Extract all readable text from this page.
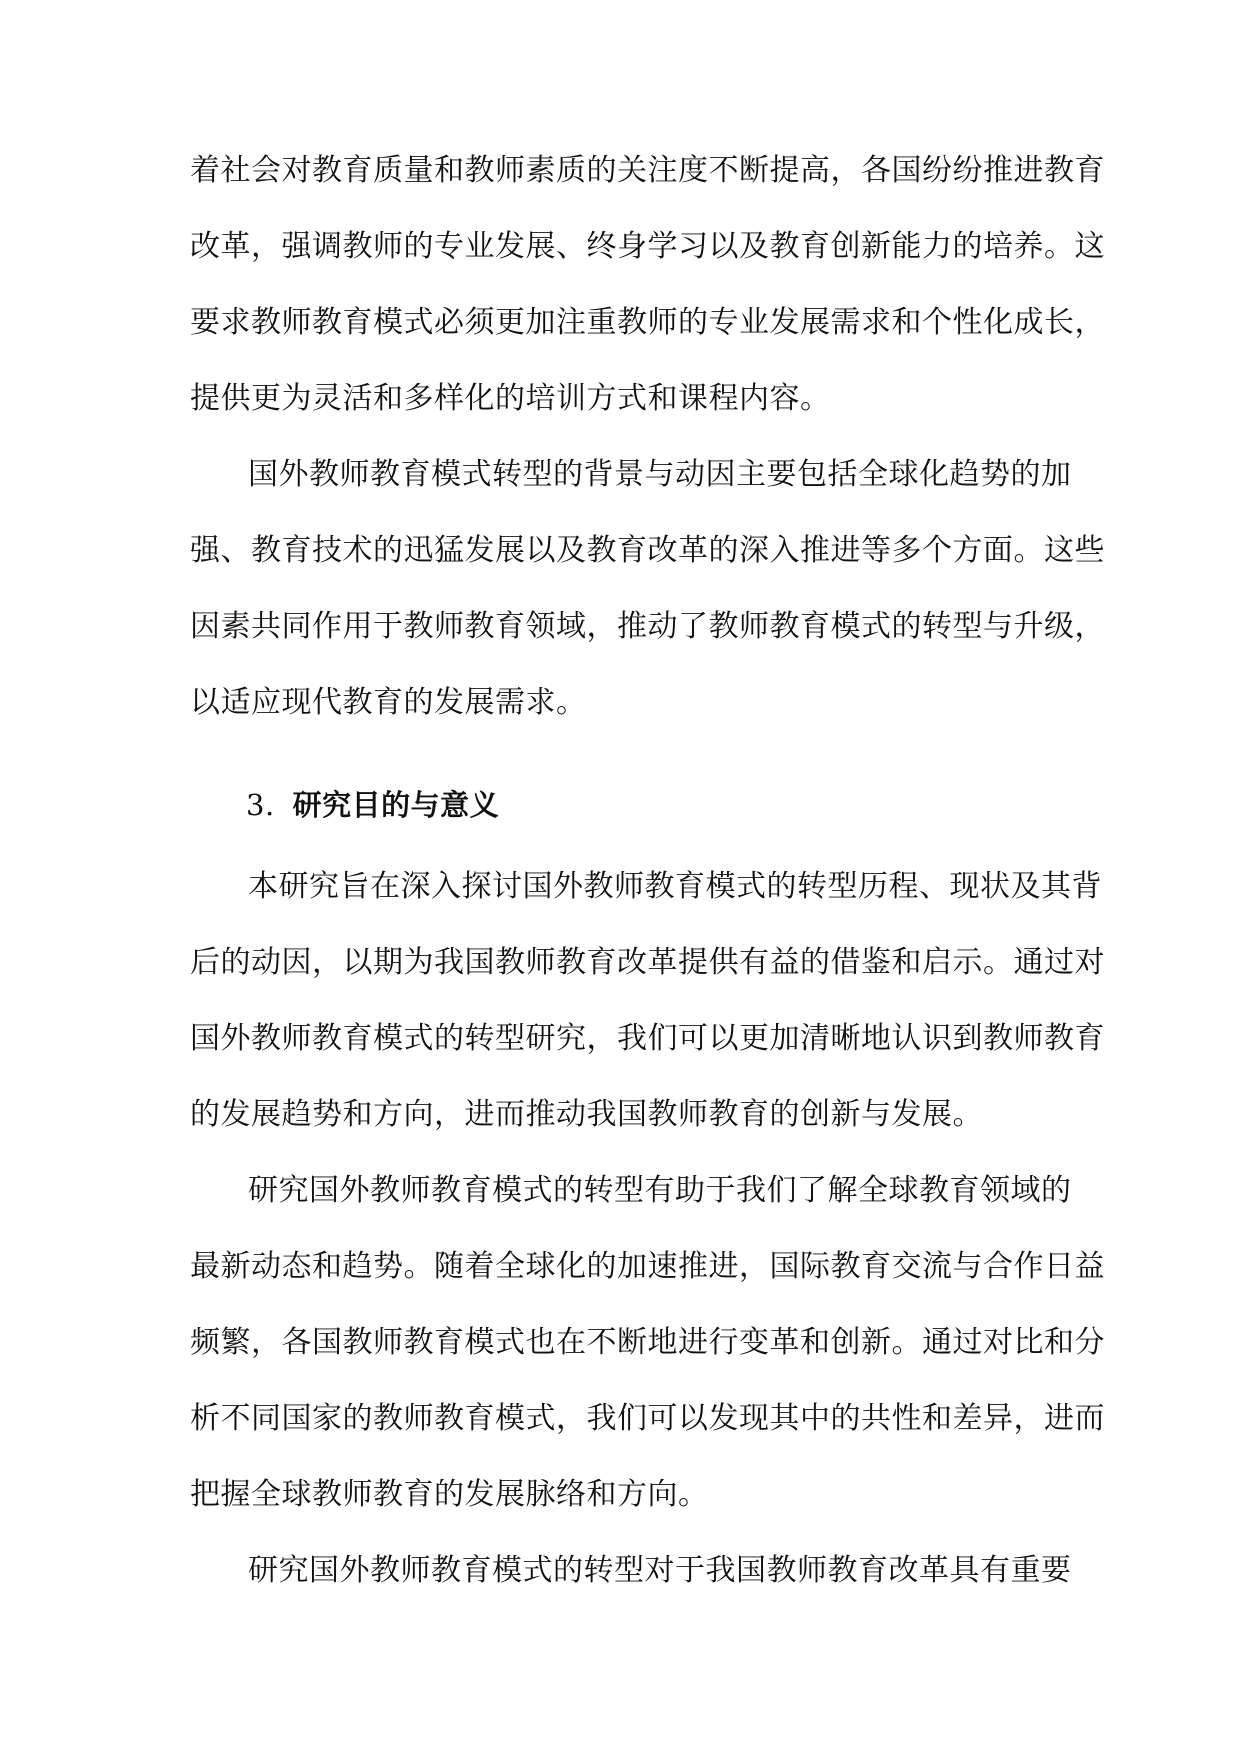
着社会对教育质量和教师素质的关注度不断提高，各国纷纷推进教育
改革，强调教师的专业发展、终身学习以及教育创新能力的培养。这
要求教师教育模式必须更加注重教师的专业发展需求和个性化成长，
提供更为灵活和多样化的培训方式和课程内容。
国外教师教育模式转型的背景与动因主要包括全球化趋势的加
强、教育技术的迅猛发展以及教育改革的深入推进等多个方面。这些
因素共同作用于教师教育领域，推动了教师教育模式的转型与升级，
以适应现代教育的发展需求。
3. 研究目的与意义
本研究旨在深入探讨国外教师教育模式的转型历程、现状及其背
后的动因，以期为我国教师教育改革提供有益的借鉴和启示。通过对
国外教师教育模式的转型研究，我们可以更加清晰地认识到教师教育
的发展趋势和方向，进而推动我国教师教育的创新与发展。
研究国外教师教育模式的转型有助于我们了解全球教育领域的
最新动态和趋势。随着全球化的加速推进，国际教育交流与合作日益
频繁，各国教师教育模式也在不断地进行变革和创新。通过对比和分
析不同国家的教师教育模式，我们可以发现其中的共性和差异，进而
把握全球教师教育的发展脉络和方向。
研究国外教师教育模式的转型对于我国教师教育改革具有重要
